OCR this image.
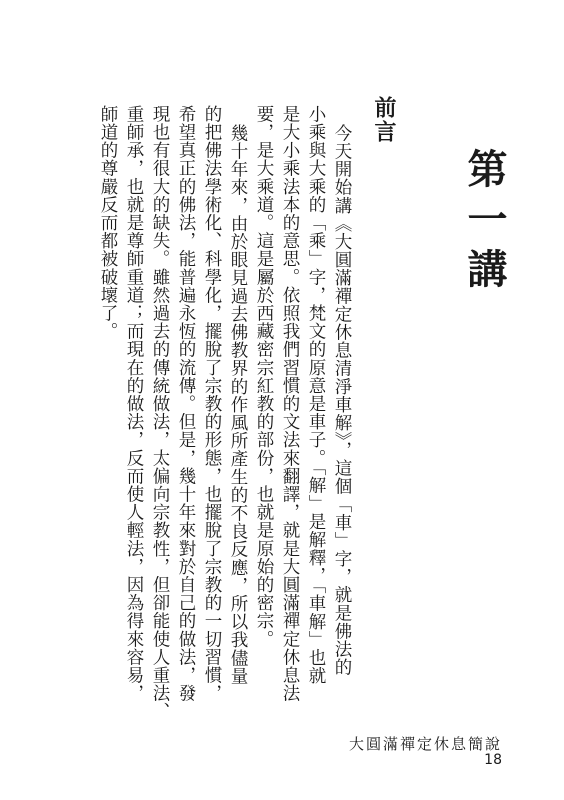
第一講
前言
今天開始講《大圓滿禪定休息清淨車解》，這個「車」字，就是佛法的
小乘與大乘的「乘」字，梵文的原意是車子。「解」是解釋，「車解」也就
是大小乘法本的意思。依照我們習慣的文法來翻譯，就是大圓滿禪定休息法
要，是大乘道。這是屬於西藏密宗紅教的部份，也就是原始的密宗。
幾十年來，由於眼見過去佛教界的作風所產生的不良反應，所以我儘量
的把佛法學術化、科學化，擺脫了宗教的形態，也擺脫了宗教的一切習慣，
希望真正的佛法，能普遍永恆的流傳。但是，幾十年來對於自己的做法，發
現也有很大的缺失。雖然過去的傳統做法，太偏向宗教性，但卻能使人重法、
重師承，也就是尊師重道；而現在的做法，反而使人輕法，因為得來容易，
師道的尊嚴反而都被破壞了。
大圓滿禪定休息簡說
18
